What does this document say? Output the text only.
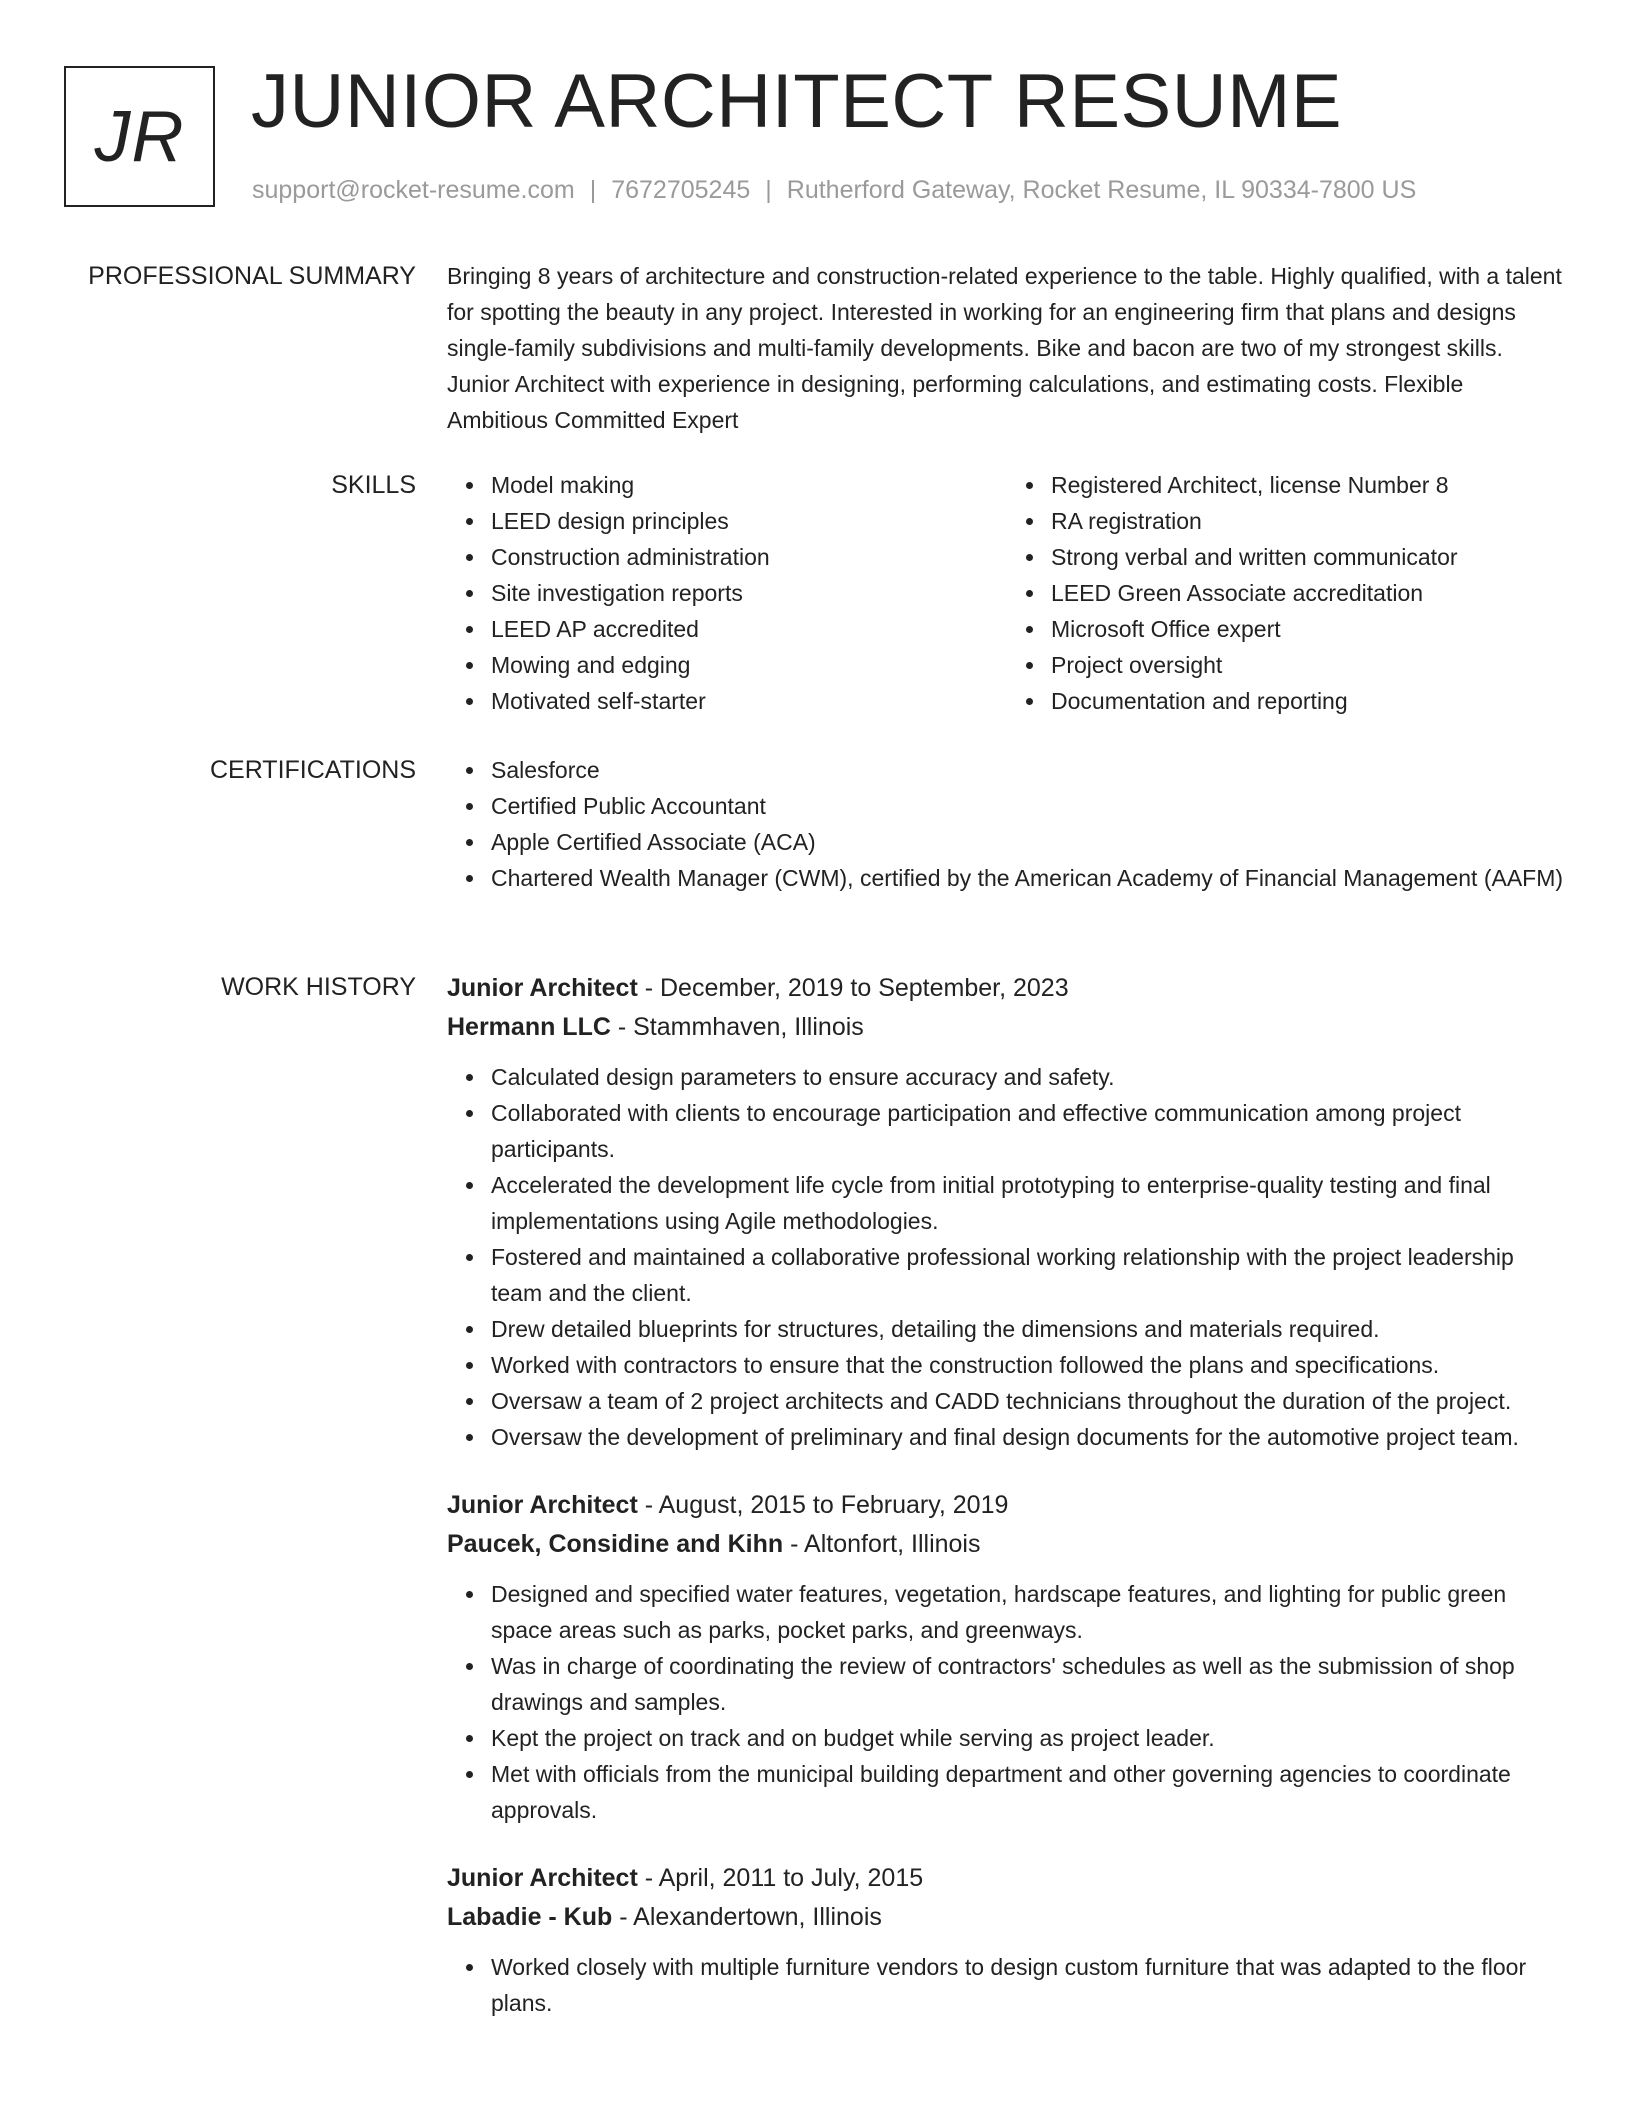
JR JUNIOR ARCHITECT RESUME
support@rocket-resume.com | 7672705245 | Rutherford Gateway, Rocket Resume, IL 90334-7800 US
PROFESSIONAL SUMMARY Bringing 8 years of architecture and construction-related experience to the table. Highly qualified, with a talent for spotting the beauty in any project. Interested in working for an engineering firm that plans and designs single-family subdivisions and multi-family developments. Bike and bacon are two of my strongest skills. Junior Architect with experience in designing, performing calculations, and estimating costs. Flexible Ambitious Committed Expert

SKILLS	Model making
LEED design principles
Construction administration
Site investigation reports
LEED AP accredited
Mowing and edging
Motivated self-starter
Registered Architect, license Number 8
RA registration
Strong verbal and written communicator
LEED Green Associate accreditation
Microsoft Office expert
Project oversight
Documentation and reporting
CERTIFICATIONS	Salesforce
Certified Public Accountant
Apple Certified Associate (ACA)
Chartered Wealth Manager (CWM), certified by the American Academy of Financial Management (AAFM)
WORK HISTORY Junior Architect - December, 2019 to September, 2023
Hermann LLC - Stammhaven, Illinois
Calculated design parameters to ensure accuracy and safety.
Collaborated with clients to encourage participation and effective communication among project participants.
Accelerated the development life cycle from initial prototyping to enterprise-quality testing and final implementations using Agile methodologies.
Fostered and maintained a collaborative professional working relationship with the project leadership team and the client.
Drew detailed blueprints for structures, detailing the dimensions and materials required.
Worked with contractors to ensure that the construction followed the plans and specifications.
Oversaw a team of 2 project architects and CADD technicians throughout the duration of the project.
Oversaw the development of preliminary and final design documents for the automotive project team.
Junior Architect - August, 2015 to February, 2019
Paucek, Considine and Kihn - Altonfort, Illinois
Designed and specified water features, vegetation, hardscape features, and lighting for public green space areas such as parks, pocket parks, and greenways.
Was in charge of coordinating the review of contractors' schedules as well as the submission of shop drawings and samples.
Kept the project on track and on budget while serving as project leader.
Met with officials from the municipal building department and other governing agencies to coordinate approvals.
Junior Architect - April, 2011 to July, 2015
Labadie - Kub - Alexandertown, Illinois
Worked closely with multiple furniture vendors to design custom furniture that was adapted to the floor plans.
